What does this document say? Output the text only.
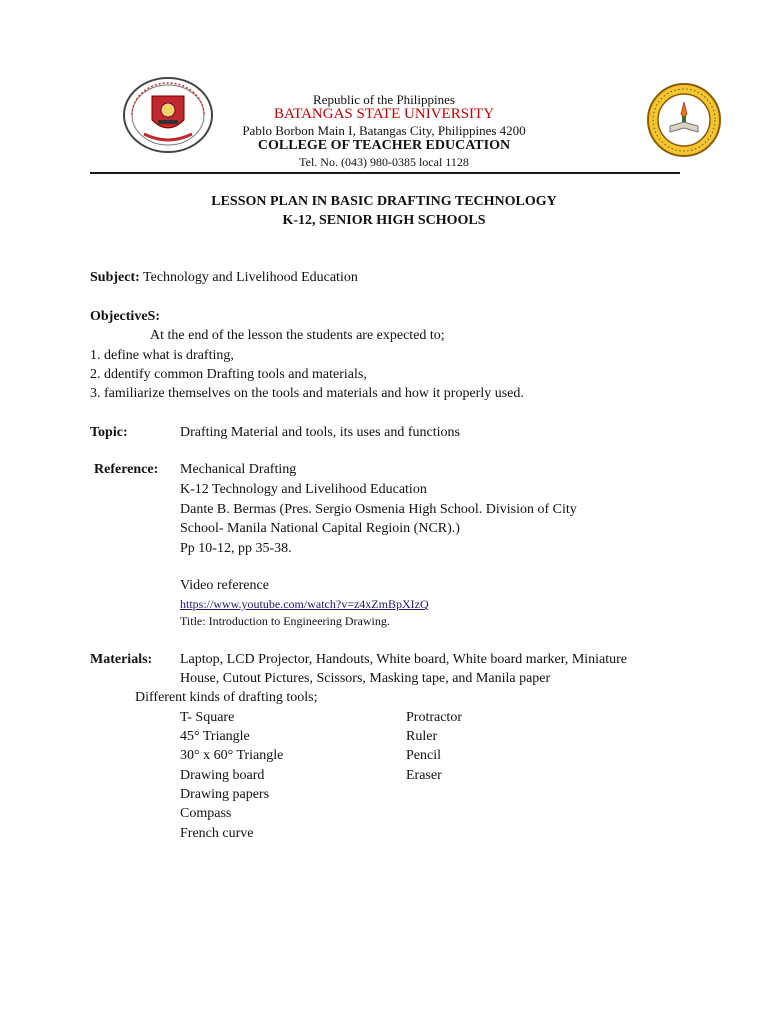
Republic of the Philippines
BATANGAS STATE UNIVERSITY
Pablo Borbon Main I, Batangas City, Philippines 4200
COLLEGE OF TEACHER EDUCATION
Tel. No. (043) 980-0385 local 1128
LESSON PLAN IN BASIC DRAFTING TECHNOLOGY
K-12, SENIOR HIGH SCHOOLS
Subject: Technology and Livelihood Education
ObjectiveS:
At the end of the lesson the students are expected to;
1. define what is drafting,
2. ddentify common Drafting tools and materials,
3. familiarize themselves on the tools and materials and how it properly used.
Topic:	Drafting Material and tools, its uses and functions
Reference: Mechanical Drafting
K-12 Technology and Livelihood Education
Dante B. Bermas (Pres. Sergio Osmenia High School. Division of City
School- Manila National Capital Regioin (NCR).)
Pp 10-12, pp 35-38.
Video reference
https://www.youtube.com/watch?v=z4xZmBpXIzQ
Title: Introduction to Engineering Drawing.
Materials: Laptop, LCD Projector, Handouts, White board, White board marker, Miniature
House, Cutout Pictures, Scissors, Masking tape, and Manila paper
Different kinds of drafting tools;
T- Square
45° Triangle
30° x 60° Triangle
Drawing board
Drawing papers
Compass
French curve
Protractor
Ruler
Pencil
Eraser
